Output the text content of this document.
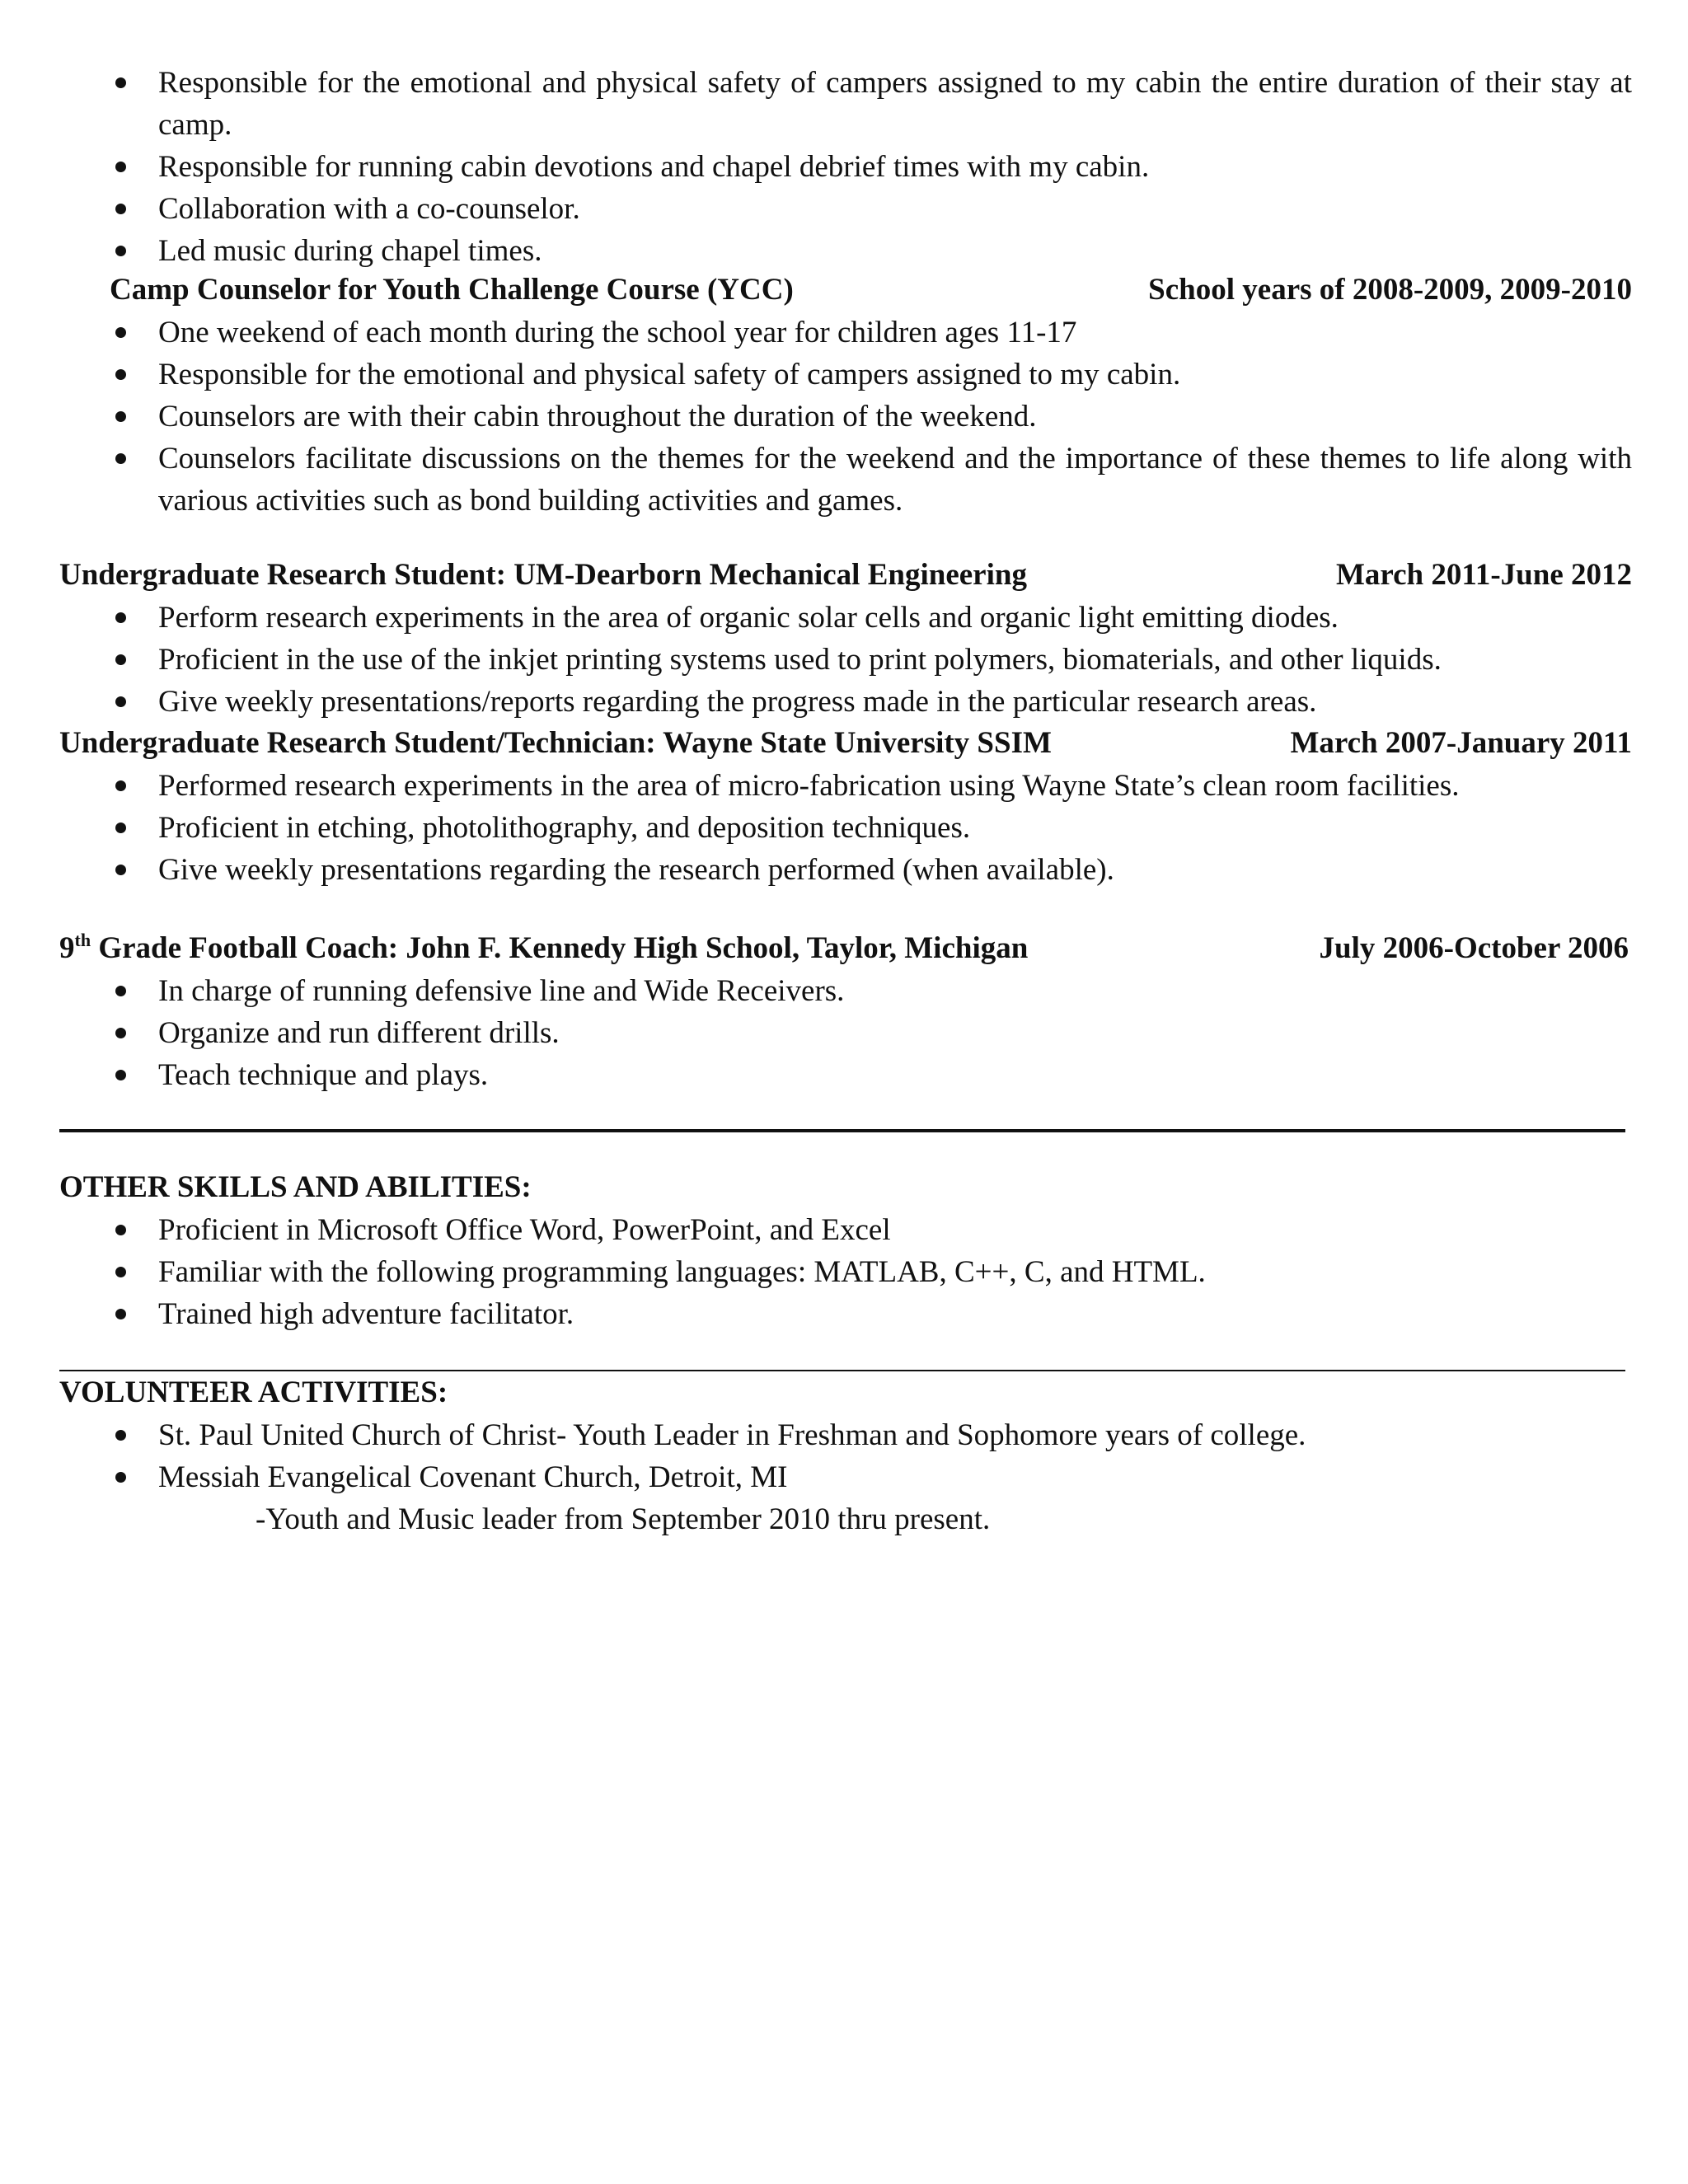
Responsible for the emotional and physical safety of campers assigned to my cabin the entire duration of their stay at camp.
Responsible for running cabin devotions and chapel debrief times with my cabin.
Collaboration with a co-counselor.
Led music during chapel times.
Camp Counselor for Youth Challenge Course (YCC)	School years of 2008-2009, 2009-2010
One weekend of each month during the school year for children ages 11-17
Responsible for the emotional and physical safety of campers assigned to my cabin.
Counselors are with their cabin throughout the duration of the weekend.
Counselors facilitate discussions on the themes for the weekend and the importance of these themes to life along with various activities such as bond building activities and games.
Undergraduate Research Student: UM-Dearborn Mechanical Engineering	March 2011-June 2012
Perform research experiments in the area of organic solar cells and organic light emitting diodes.
Proficient in the use of the inkjet printing systems used to print polymers, biomaterials, and other liquids.
Give weekly presentations/reports regarding the progress made in the particular research areas.
Undergraduate Research Student/Technician: Wayne State University SSIM	March 2007-January 2011
Performed research experiments in the area of micro-fabrication using Wayne State’s clean room facilities.
Proficient in etching, photolithography, and deposition techniques.
Give weekly presentations regarding the research performed (when available).
9th Grade Football Coach: John F. Kennedy High School, Taylor, Michigan	July 2006-October 2006
In charge of running defensive line and Wide Receivers.
Organize and run different drills.
Teach technique and plays.
OTHER SKILLS AND ABILITIES:
Proficient in Microsoft Office Word, PowerPoint, and Excel
Familiar with the following programming languages: MATLAB, C++, C, and HTML.
Trained high adventure facilitator.
VOLUNTEER ACTIVITIES:
St. Paul United Church of Christ- Youth Leader in Freshman and Sophomore years of college.
Messiah Evangelical Covenant Church, Detroit, MI
-Youth and Music leader from September 2010 thru present.
